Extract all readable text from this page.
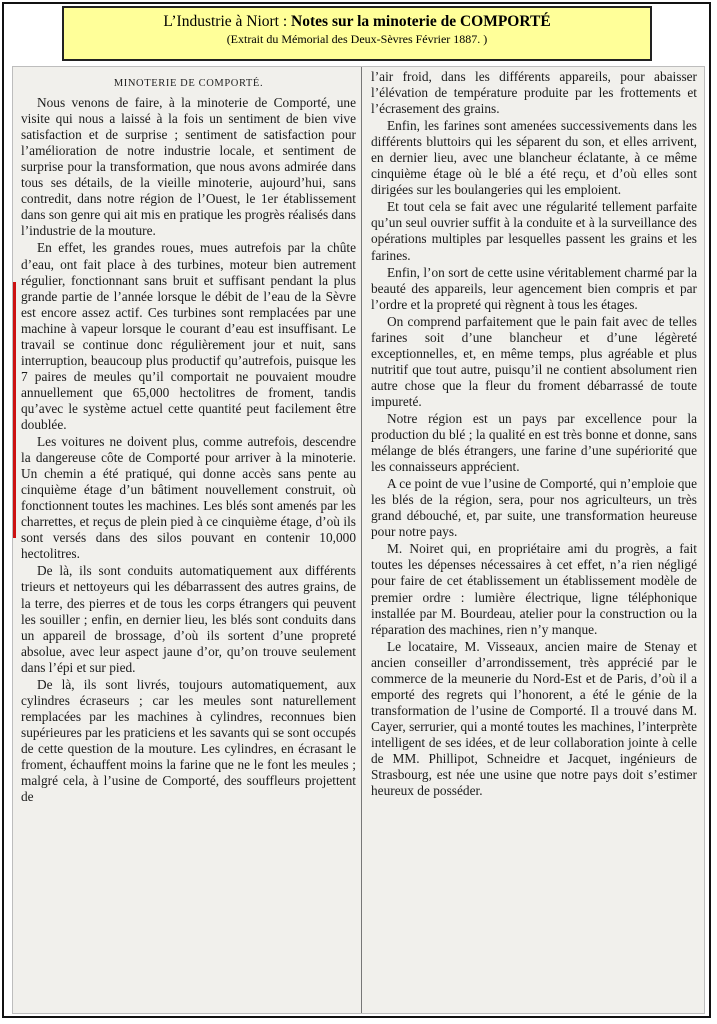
L’Industrie à Niort : Notes sur la minoterie de COMPORTÉ
(Extrait du Mémorial des Deux-Sèvres Février 1887. )
MINOTERIE DE COMPORTÉ.

Nous venons de faire, à la minoterie de Comporté, une visite qui nous a laissé à la fois un sentiment de bien vive satisfaction et de surprise ; sentiment de satisfaction pour l’amélioration de notre industrie locale, et sentiment de surprise pour la transformation, que nous avons admirée dans tous ses détails, de la vieille minoterie, aujourd’hui, sans contredit, dans notre région de l’Ouest, le 1er établissement dans son genre qui ait mis en pratique les progrès réalisés dans l’industrie de la mouture.

En effet, les grandes roues, mues autrefois par la chûte d’eau, ont fait place à des turbines, moteur bien autrement régulier, fonctionnant sans bruit et suffisant pendant la plus grande partie de l’année lorsque le débit de l’eau de la Sèvre est encore assez actif. Ces turbines sont remplacées par une machine à vapeur lorsque le courant d’eau est insuffisant. Le travail se continue donc régulièrement jour et nuit, sans interruption, beaucoup plus productif qu’autrefois, puisque les 7 paires de meules qu’il comportait ne pouvaient moudre annuellement que 65,000 hectolitres de froment, tandis qu’avec le système actuel cette quantité peut facilement être doublée.

Les voitures ne doivent plus, comme autrefois, descendre la dangereuse côte de Comporté pour arriver à la minoterie. Un chemin a été pratiqué, qui donne accès sans pente au cinquième étage d’un bâtiment nouvellement construit, où fonctionnent toutes les machines. Les blés sont amenés par les charrettes, et reçus de plein pied à ce cinquième étage, d’où ils sont versés dans des silos pouvant en contenir 10,000 hectolitres.

De là, ils sont conduits automatiquement aux différents trieurs et nettoyeurs qui les débarrassent des autres grains, de la terre, des pierres et de tous les corps étrangers qui peuvent les souiller ; enfin, en dernier lieu, les blés sont conduits dans un appareil de brossage, d’où ils sortent d’une propreté absolue, avec leur aspect jaune d’or, qu’on trouve seulement dans l’épi et sur pied.

De là, ils sont livrés, toujours automatiquement, aux cylindres écraseurs ; car les meules sont naturellement remplacées par les machines à cylindres, reconnues bien supérieures par les praticiens et les savants qui se sont occupés de cette question de la mouture. Les cylindres, en écrasant le froment, échauffent moins la farine que ne le font les meules ; malgré cela, à l’usine de Comporté, des souffleurs projettent de

l’air froid, dans les différents appareils, pour abaisser l’élévation de température produite par les frottements et l’écrasement des grains.

Enfin, les farines sont amenées successivements dans les différents bluttoirs qui les séparent du son, et elles arrivent, en dernier lieu, avec une blancheur éclatante, à ce même cinquième étage où le blé a été reçu, et d’où elles sont dirigées sur les boulangeries qui les emploient.

Et tout cela se fait avec une régularité tellement parfaite qu’un seul ouvrier suffit à la conduite et à la surveillance des opérations multiples par lesquelles passent les grains et les farines.

Enfin, l’on sort de cette usine véritablement charmé par la beauté des appareils, leur agencement bien compris et par l’ordre et la propreté qui règnent à tous les étages.

On comprend parfaitement que le pain fait avec de telles farines soit d’une blancheur et d’une légèreté exceptionnelles, et, en même temps, plus agréable et plus nutritif que tout autre, puisqu’il ne contient absolument rien autre chose que la fleur du froment débarrassé de toute impureté.

Notre région est un pays par excellence pour la production du blé ; la qualité en est très bonne et donne, sans mélange de blés étrangers, une farine d’une supériorité que les connaisseurs apprécient.

A ce point de vue l’usine de Comporté, qui n’emploie que les blés de la région, sera, pour nos agriculteurs, un très grand débouché, et, par suite, une transformation heureuse pour notre pays.

M. Noiret qui, en propriétaire ami du progrès, a fait toutes les dépenses nécessaires à cet effet, n’a rien négligé pour faire de cet établissement un établissement modèle de premier ordre : lumière électrique, ligne téléphonique installée par M. Bourdeau, atelier pour la construction ou la réparation des machines, rien n’y manque.

Le locataire, M. Visseaux, ancien maire de Stenay et ancien conseiller d’arrondissement, très apprécié par le commerce de la meunerie du Nord-Est et de Paris, d’où il a emporté des regrets qui l’honorent, a été le génie de la transformation de l’usine de Comporté. Il a trouvé dans M. Cayer, serrurier, qui a monté toutes les machines, l’interprète intelligent de ses idées, et de leur collaboration jointe à celle de MM. Phillipot, Schneidre et Jacquet, ingénieurs de Strasbourg, est née une usine que notre pays doit s’estimer heureux de posséder.
